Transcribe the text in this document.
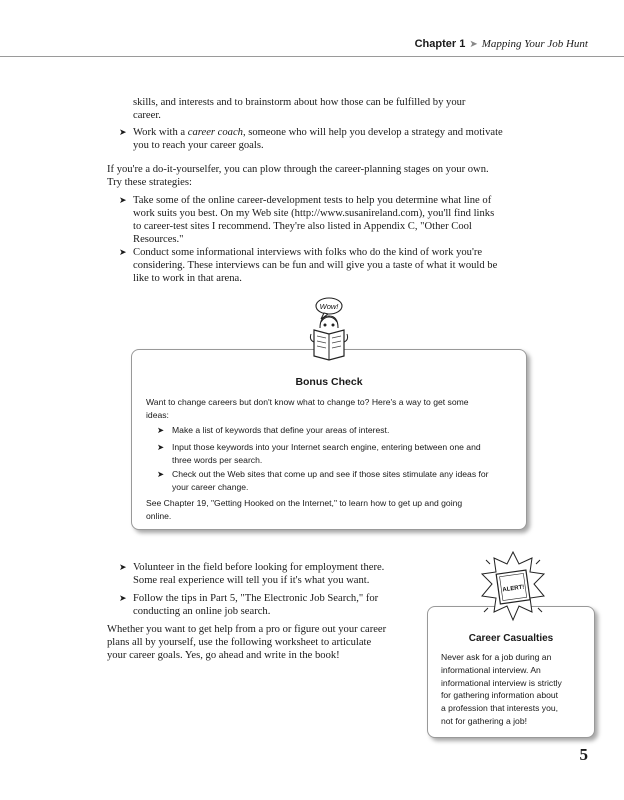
Chapter 1 ➤ Mapping Your Job Hunt
skills, and interests and to brainstorm about how those can be fulfilled by your
career.
➤ Work with a career coach, someone who will help you develop a strategy and motivate
you to reach your career goals.
If you're a do-it-yourselfer, you can plow through the career-planning stages on your own.
Try these strategies:
➤ Take some of the online career-development tests to help you determine what line of
work suits you best. On my Web site (http://www.susanireland.com), you'll find links
to career-test sites I recommend. They're also listed in Appendix C, "Other Cool
Resources."
➤ Conduct some informational interviews with folks who do the kind of work you're
considering. These interviews can be fun and will give you a taste of what it would be
like to work in that arena.
Bonus Check
Want to change careers but don't know what to change to? Here's a way to get some
ideas:
➤ Make a list of keywords that define your areas of interest.
➤ Input those keywords into your Internet search engine, entering between one and
three words per search.
➤ Check out the Web sites that come up and see if those sites stimulate any ideas for
your career change.
See Chapter 19, "Getting Hooked on the Internet," to learn how to get up and going
online.
Wow!
➤ Volunteer in the field before looking for employment there.
Some real experience will tell you if it's what you want.
➤ Follow the tips in Part 5, "The Electronic Job Search," for
conducting an online job search.
Whether you want to get help from a pro or figure out your career
plans all by yourself, use the following worksheet to articulate
your career goals. Yes, go ahead and write in the book!
Career Casualties
Never ask for a job during an
informational interview. An
informational interview is strictly
for gathering information about
a profession that interests you,
not for gathering a job!
ALERT!
5
